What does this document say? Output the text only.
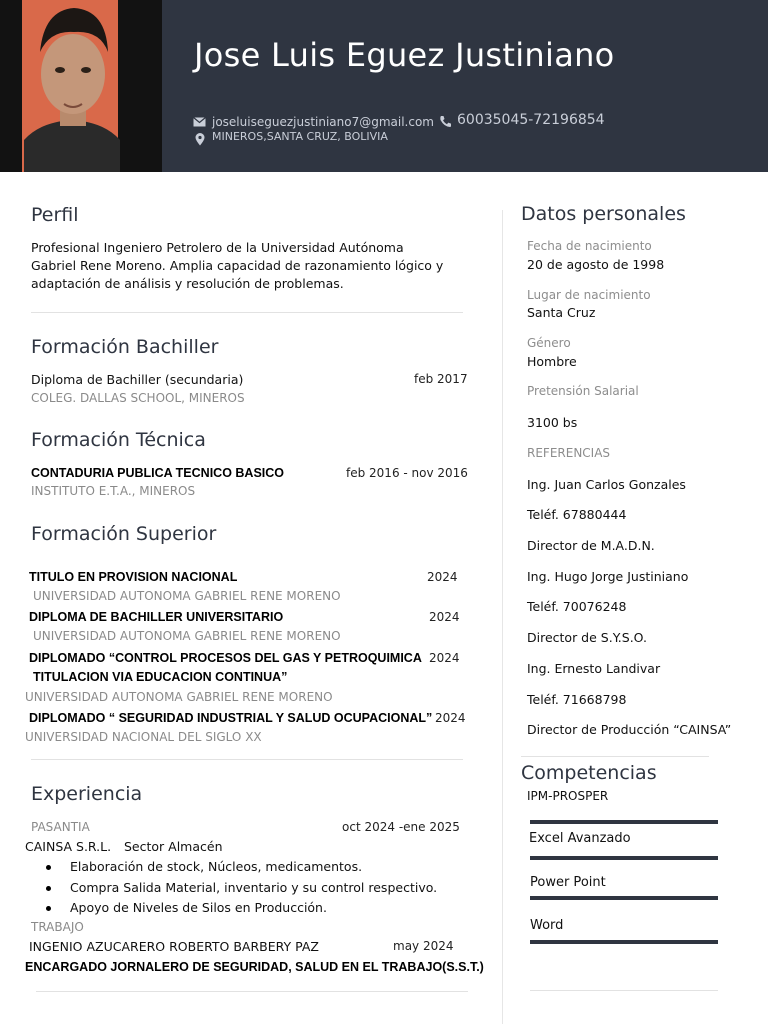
Jose Luis Eguez Justiniano
joseluiseguezjustiniano7@gmail.com 60035045-72196854
MINEROS,SANTA CRUZ, BOLIVIA
Perfil
Profesional Ingeniero Petrolero de la Universidad Autónoma
Gabriel Rene Moreno. Amplia capacidad de razonamiento lógico y
adaptación de análisis y resolución de problemas.
Formación Bachiller
Diploma de Bachiller (secundaria)	feb 2017
COLEG. DALLAS SCHOOL, MINEROS
Formación Técnica
CONTADURIA PUBLICA TECNICO BASICO	feb 2016 - nov 2016
INSTITUTO E.T.A., MINEROS
Formación Superior
TITULO EN PROVISION NACIONAL	2024
UNIVERSIDAD AUTONOMA GABRIEL RENE MORENO
DIPLOMA DE BACHILLER UNIVERSITARIO	2024
UNIVERSIDAD AUTONOMA GABRIEL RENE MORENO
DIPLOMADO “CONTROL PROCESOS DEL GAS Y PETROQUIMICA 2024
TITULACION VIA EDUCACION CONTINUA”
UNIVERSIDAD AUTONOMA GABRIEL RENE MORENO
DIPLOMADO “ SEGURIDAD INDUSTRIAL Y SALUD OCUPACIONAL” 2024
UNIVERSIDAD NACIONAL DEL SIGLO XX
Experiencia
PASANTIA	oct 2024 -ene 2025
CAINSA S.R.L. Sector Almacén
Elaboración de stock, Núcleos, medicamentos.
Compra Salida Material, inventario y su control respectivo.
Apoyo de Niveles de Silos en Producción.
TRABAJO
INGENIO AZUCARERO ROBERTO BARBERY PAZ	may 2024
ENCARGADO JORNALERO DE SEGURIDAD, SALUD EN EL TRABAJO(S.S.T.)
Datos personales
Fecha de nacimiento
20 de agosto de 1998
Lugar de nacimiento
Santa Cruz
Género
Hombre
Pretensión Salarial
3100 bs
REFERENCIAS
Ing. Juan Carlos Gonzales
Teléf. 67880444
Director de M.A.D.N.
Ing. Hugo Jorge Justiniano
Teléf. 70076248
Director de S.Y.S.O.
Ing. Ernesto Landivar
Teléf. 71668798
Director de Producción “CAINSA”
Competencias
IPM-PROSPER
Excel Avanzado
Power Point
Word
